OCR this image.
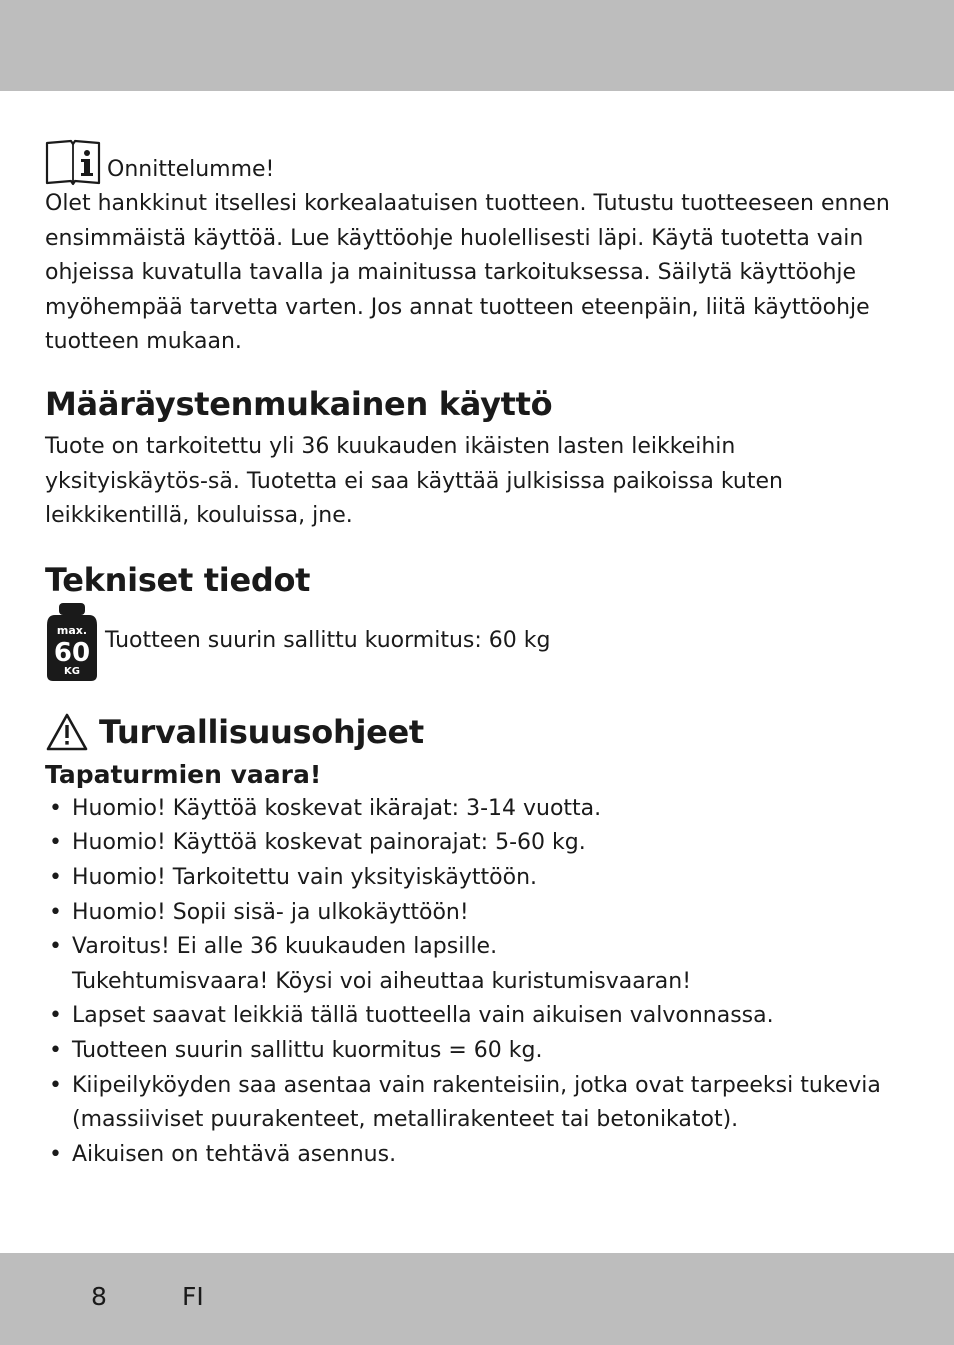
Onnittelumme!

Olet hankkinut itsellesi korkealaatuisen tuotteen. Tutustu tuotteeseen ennen ensimmäistä käyttöä. Lue käyttöohje huolellisesti läpi. Käytä tuotetta vain ohjeissa kuvatulla tavalla ja mainitussa tarkoituksessa. Säilytä käyttöohje myöhempää tarvetta varten. Jos annat tuotteen eteenpäin, liitä käyttöohje tuotteen mukaan.

Määräystenmukainen käyttö

Tuote on tarkoitettu yli 36 kuukauden ikäisten lasten leikkeihin yksityiskäytös-sä. Tuotetta ei saa käyttää julkisissa paikoissa kuten leikkikentillä, kouluissa, jne.

Tekniset tiedot
max.
60
KG
Tuotteen suurin sallittu kuormitus: 60 kg
Turvallisuusohjeet
Tapaturmien vaara!
• Huomio! Käyttöä koskevat ikärajat: 3-14 vuotta.
• Huomio! Käyttöä koskevat painorajat: 5-60 kg.
• Huomio! Tarkoitettu vain yksityiskäyttöön.
• Huomio! Sopii sisä- ja ulkokäyttöön!
• Varoitus! Ei alle 36 kuukauden lapsille.
Tukehtumisvaara! Köysi voi aiheuttaa kuristumisvaaran!
• Lapset saavat leikkiä tällä tuotteella vain aikuisen valvonnassa.
• Tuotteen suurin sallittu kuormitus = 60 kg.
• Kiipeilyköyden saa asentaa vain rakenteisiin, jotka ovat tarpeeksi tukevia (massiiviset puurakenteet, metallirakenteet tai betonikatot).
• Aikuisen on tehtävä asennus.
8	FI
